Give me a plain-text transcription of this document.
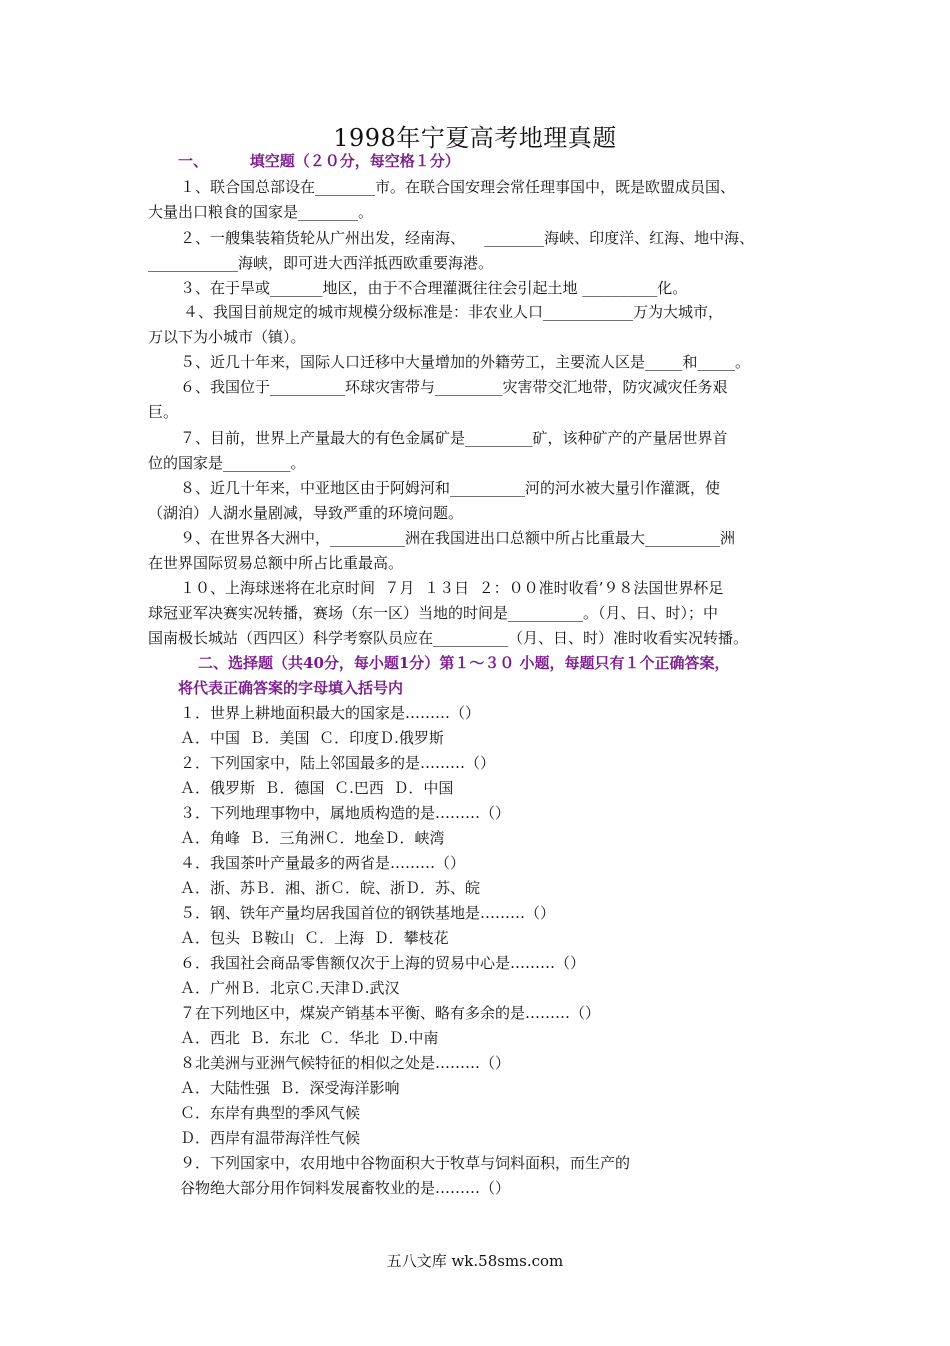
1998年宁夏高考地理真题
一、        填空题（２０分，每空格１分）
１、联合国总部设在________市。在联合国安理会常任理事国中，既是欧盟成员国、
大量出口粮食的国家是________。
２、一艘集装箱货轮从广州出发，经南海、    ________海峡、印度洋、红海、地中海、
____________海峡，即可进大西洋抵西欧重要海港。
３、在于旱或_______地区，由于不合理灌溉往往会引起土地 __________化。
４、我国目前规定的城市规模分级标准是：非农业人口____________万为大城市，
万以下为小城市（镇）。
５、近几十年来，国际人口迁移中大量增加的外籍劳工，主要流人区是_____和_____。
６、我国位于__________环球灾害带与_________灾害带交汇地带，防灾减灾任务艰
巨。
７、目前，世界上产量最大的有色金属矿是_________矿，该种矿产的产量居世界首
位的国家是_________。
８、近几十年来，中亚地区由于阿姆河和__________河的河水被大量引作灌溉，使
（湖泊）人湖水量剧减，导致严重的环境问题。
９、在世界各大洲中，__________洲在我国进出口总额中所占比重最大__________洲
在世界国际贸易总额中所占比重最高。
１０、上海球迷将在北京时间  ７月  １３日  ２：００准时收看’９８法国世界杯足
球冠亚军决赛实况转播，赛场（东一区）当地的时间是__________。（月、日、时）；中
国南极长城站（西四区）科学考察队员应在__________（月、日、时）准时收看实况转播。
二、选择题（共40分，每小题1分）第１～３０ 小题，每题只有１个正确答案，
将代表正确答案的字母填入括号内
１．世界上耕地面积最大的国家是………（）
Ａ．中国  Ｂ．美国  Ｃ．印度Ｄ.俄罗斯
２．下列国家中，陆上邻国最多的是………（）
Ａ．俄罗斯  Ｂ．德国  Ｃ.巴西  Ｄ．中国
３．下列地理事物中，属地质构造的是………（）
Ａ．角峰  Ｂ．三角洲Ｃ．地垒Ｄ．峡湾
４．我国茶叶产量最多的两省是………（）
Ａ．浙、苏Ｂ．湘、浙Ｃ．皖、浙Ｄ．苏、皖
５．钢、铁年产量均居我国首位的钢铁基地是………（）
Ａ．包头  Ｂ鞍山  Ｃ．上海  Ｄ．攀枝花
６．我国社会商品零售额仅次于上海的贸易中心是………（）
Ａ．广州Ｂ．北京Ｃ.天津Ｄ.武汉
７在下列地区中，煤炭产销基本平衡、略有多余的是………（）
Ａ．西北  Ｂ．东北  Ｃ．华北  Ｄ.中南
８北美洲与亚洲气候特征的相似之处是………（）
Ａ．大陆性强  Ｂ．深受海洋影响
Ｃ．东岸有典型的季风气候
Ｄ．西岸有温带海洋性气候
９．下列国家中，农用地中谷物面积大于牧草与饲料面积，而生产的
谷物绝大部分用作饲料发展畜牧业的是………（）
五八文库 wk.58sms.com
